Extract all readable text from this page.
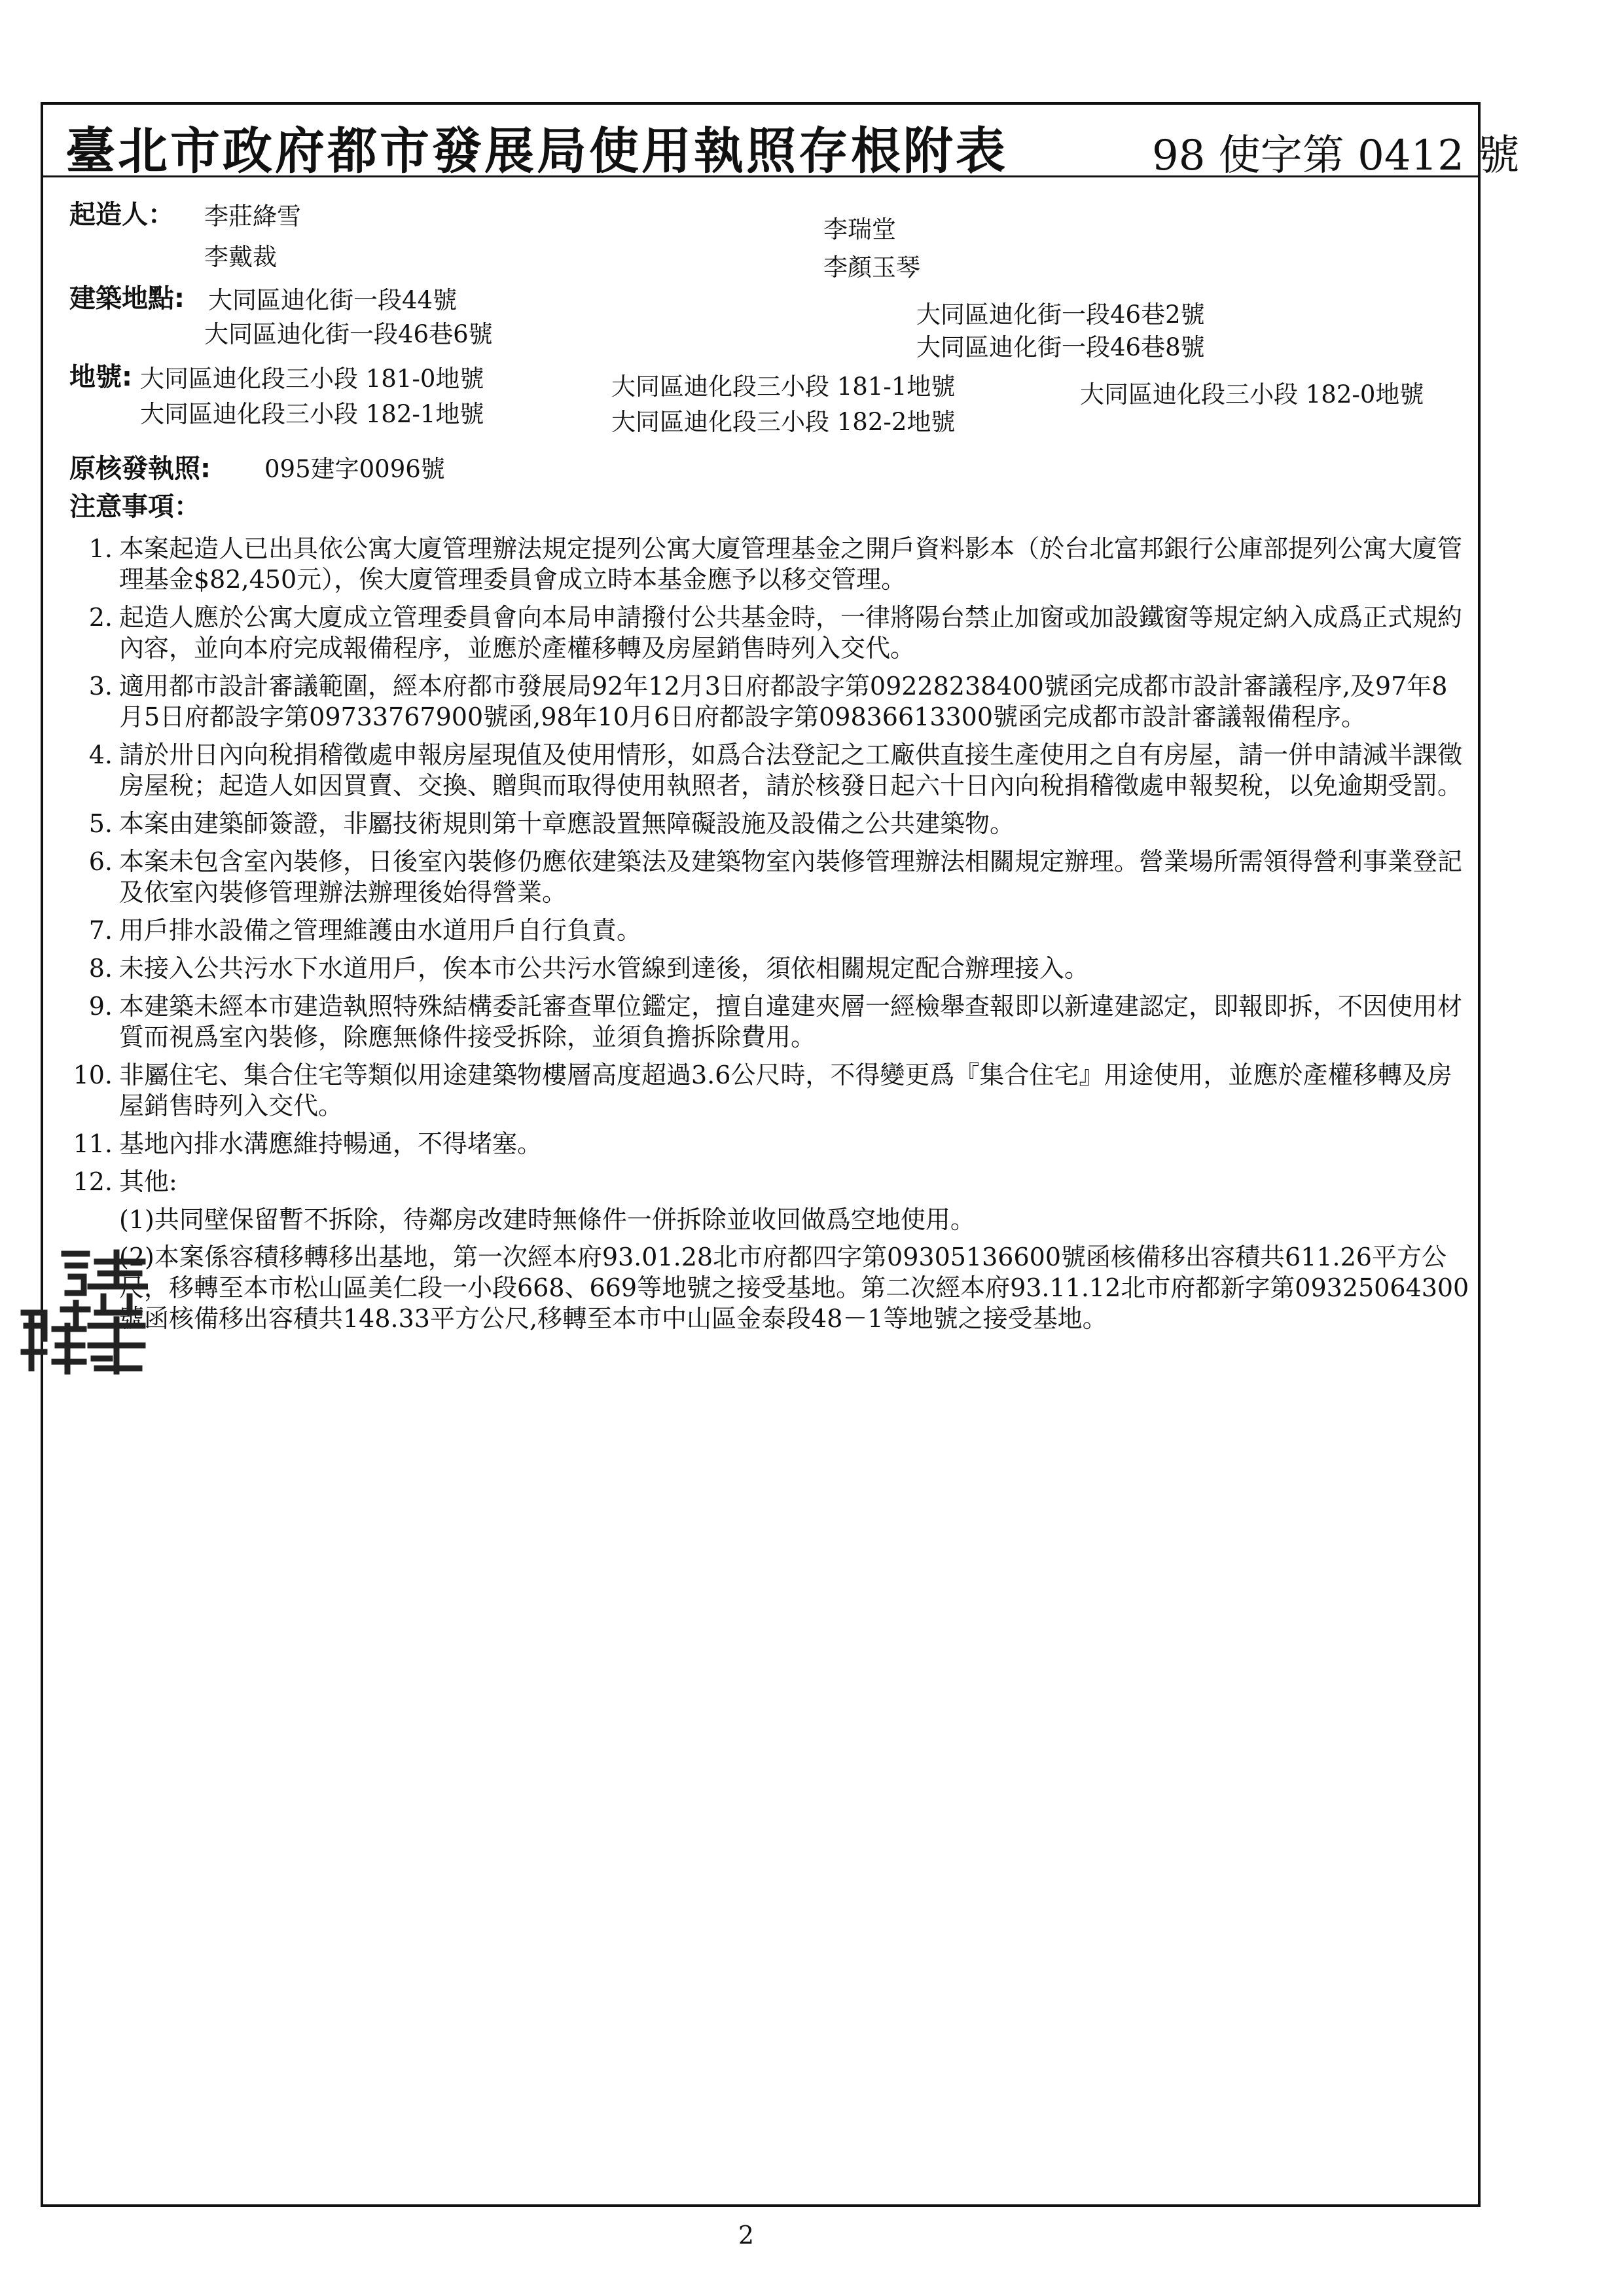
臺北市政府都市發展局使用執照存根附表	98 使字第 0412 號
起造人： 李莊絳雪
李戴裁
李瑞堂
李顏玉琴
建築地點: 大同區迪化街一段44號
大同區迪化街一段46巷6號
大同區迪化街一段46巷2號
大同區迪化街一段46巷8號
地號: 大同區迪化段三小段 181-0地號
大同區迪化段三小段 182-1地號
大同區迪化段三小段 181-1地號
大同區迪化段三小段 182-2地號
大同區迪化段三小段 182-0地號
原核發執照: 095建字0096號
注意事項：
1. 本案起造人已出具依公寓大廈管理辦法規定提列公寓大廈管理基金之開戶資料影本（於台北富邦銀行公庫部提列公寓大廈管理基金$82,450元），俟大廈管理委員會成立時本基金應予以移交管理。
2. 起造人應於公寓大廈成立管理委員會向本局申請撥付公共基金時，一律將陽台禁止加窗或加設鐵窗等規定納入成爲正式規約內容，並向本府完成報備程序，並應於產權移轉及房屋銷售時列入交代。
3. 適用都市設計審議範圍，經本府都市發展局92年12月3日府都設字第09228238400號函完成都市設計審議程序,及97年8月5日府都設字第09733767900號函,98年10月6日府都設字第09836613300號函完成都市設計審議報備程序。
4. 請於卅日內向稅捐稽徵處申報房屋現值及使用情形，如爲合法登記之工廠供直接生產使用之自有房屋，請一併申請減半課徵房屋稅；起造人如因買賣、交換、贈與而取得使用執照者，請於核發日起六十日內向稅捐稽徵處申報契稅，以免逾期受罰。
5. 本案由建築師簽證，非屬技術規則第十章應設置無障礙設施及設備之公共建築物。
6. 本案未包含室內裝修，日後室內裝修仍應依建築法及建築物室內裝修管理辦法相關規定辦理。營業場所需領得營利事業登記及依室內裝修管理辦法辦理後始得營業。
7. 用戶排水設備之管理維護由水道用戶自行負責。
8. 未接入公共污水下水道用戶，俟本市公共污水管線到達後，須依相關規定配合辦理接入。
9. 本建築未經本市建造執照特殊結構委託審查單位鑑定，擅自違建夾層一經檢舉查報即以新違建認定，即報即拆，不因使用材質而視爲室內裝修，除應無條件接受拆除，並須負擔拆除費用。
10. 非屬住宅、集合住宅等類似用途建築物樓層高度超過3.6公尺時，不得變更爲『集合住宅』用途使用，並應於產權移轉及房屋銷售時列入交代。
11. 基地內排水溝應維持暢通，不得堵塞。
12. 其他:
(1)共同壁保留暫不拆除，待鄰房改建時無條件一併拆除並收回做爲空地使用。
(2)本案係容積移轉移出基地，第一次經本府93.01.28北市府都四字第09305136600號函核備移出容積共611.26平方公尺，移轉至本市松山區美仁段一小段668、669等地號之接受基地。第二次經本府93.11.12北市府都新字第09325064300號函核備移出容積共148.33平方公尺,移轉至本市中山區金泰段48－1等地號之接受基地。
2
